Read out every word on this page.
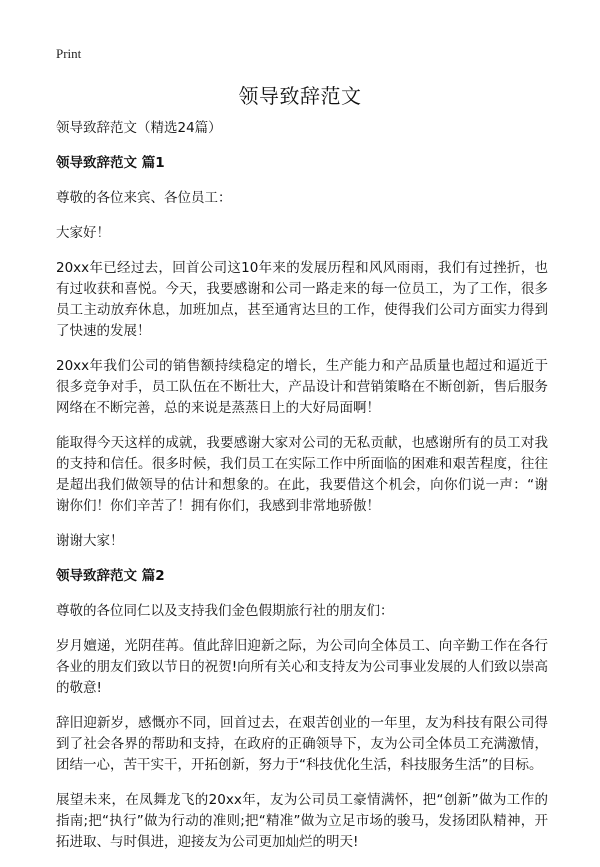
Print
领导致辞范文

领导致辞范文（精选24篇）

领导致辞范文 篇1

尊敬的各位来宾、各位员工：

大家好！

20xx年已经过去，回首公司这10年来的发展历程和风风雨雨，我们有过挫折，也有过收获和喜悦。今天，我要感谢和公司一路走来的每一位员工，为了工作，很多员工主动放弃休息，加班加点，甚至通宵达旦的工作，使得我们公司方面实力得到了快速的发展！

20xx年我们公司的销售额持续稳定的增长，生产能力和产品质量也超过和逼近于很多竞争对手，员工队伍在不断壮大，产品设计和营销策略在不断创新，售后服务网络在不断完善，总的来说是蒸蒸日上的大好局面啊！

能取得今天这样的成就，我要感谢大家对公司的无私贡献，也感谢所有的员工对我的支持和信任。很多时候，我们员工在实际工作中所面临的困难和艰苦程度，往往是超出我们做领导的估计和想象的。在此，我要借这个机会，向你们说一声：“谢谢你们！你们辛苦了！拥有你们，我感到非常地骄傲！

谢谢大家！

领导致辞范文 篇2

尊敬的各位同仁以及支持我们金色假期旅行社的朋友们：

岁月嬗递，光阴荏苒。值此辞旧迎新之际，为公司向全体员工、向辛勤工作在各行各业的朋友们致以节日的祝贺!向所有关心和支持友为公司事业发展的人们致以崇高的敬意!

辞旧迎新岁，感慨亦不同，回首过去，在艰苦创业的一年里，友为科技有限公司得到了社会各界的帮助和支持，在政府的正确领导下，友为公司全体员工充满激情，团结一心，苦干实干，开拓创新，努力于“科技优化生活，科技服务生活”的目标。

展望未来，在凤舞龙飞的20xx年，友为公司员工豪情满怀，把“创新”做为工作的指南;把“执行”做为行动的准则;把“精准”做为立足市场的骏马，发扬团队精神，开拓进取、与时俱进，迎接友为公司更加灿烂的明天!
